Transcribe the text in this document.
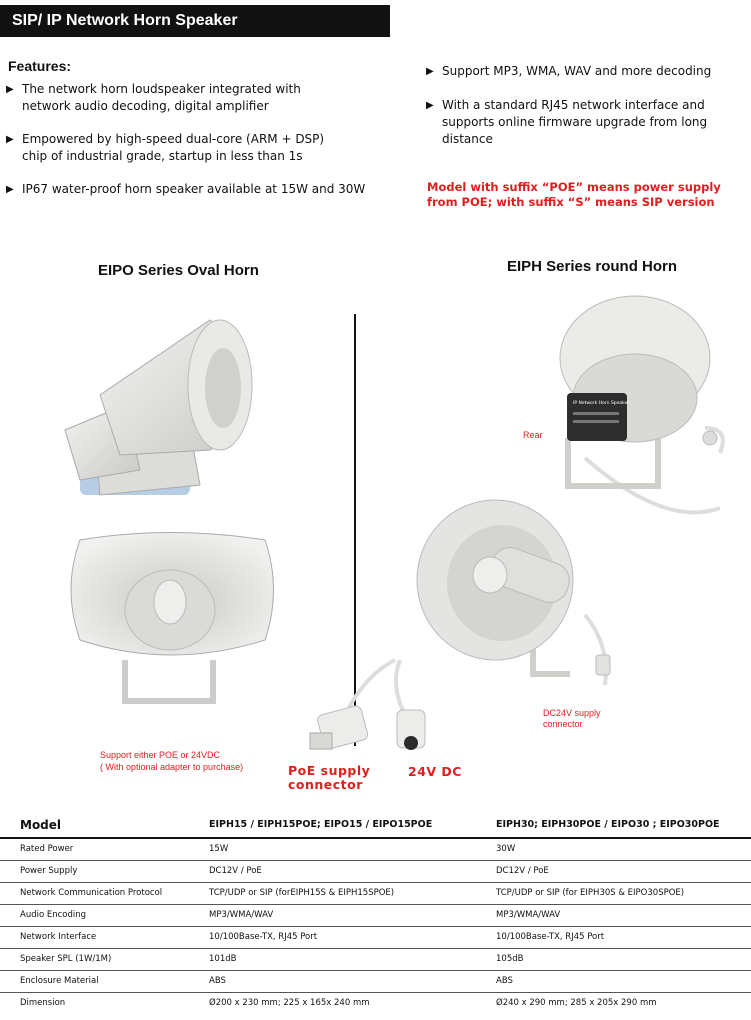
SIP/ IP Network Horn Speaker
Features:
▶ The network horn loudspeaker integrated with network audio decoding, digital amplifier
▶ Empowered by high-speed dual-core (ARM + DSP) chip of industrial grade, startup in less than 1s
▶ IP67 water-proof horn speaker available at 15W and 30W
▶ Support MP3, WMA, WAV and more decoding
▶ With a standard RJ45 network interface and supports online firmware upgrade from long distance
Model with suffix “POE” means power supply from POE; with suffix “S” means SIP version
EIPO Series Oval Horn	EIPH Series round Horn
IP Network Horn Speaker
Rear
DC24V supply connector
Support either POE or 24VDC
( With optional adapter to purchase)	PoE supply connector
24V DC
Model	EIPH15 / EIPH15POE; EIPO15 / EIPO15POE	EIPH30; EIPH30POE / EIPO30 ; EIPO30POE
Rated Power	15W	30W
Power Supply	DC12V / PoE	DC12V / PoE
Network Communication Protocol	TCP/UDP or SIP (forEIPH15S & EIPH15SPOE)	TCP/UDP or SIP (for EIPH30S & EIPO30SPOE)
Audio Encoding	MP3/WMA/WAV	MP3/WMA/WAV
Network Interface	10/100Base-TX, RJ45 Port	10/100Base-TX, RJ45 Port
Speaker SPL (1W/1M)	101dB	105dB
Enclosure Material	ABS	ABS
Dimension	Ø200 x 230 mm; 225 x 165x 240 mm	Ø240 x 290 mm; 285 x 205x 290 mm
